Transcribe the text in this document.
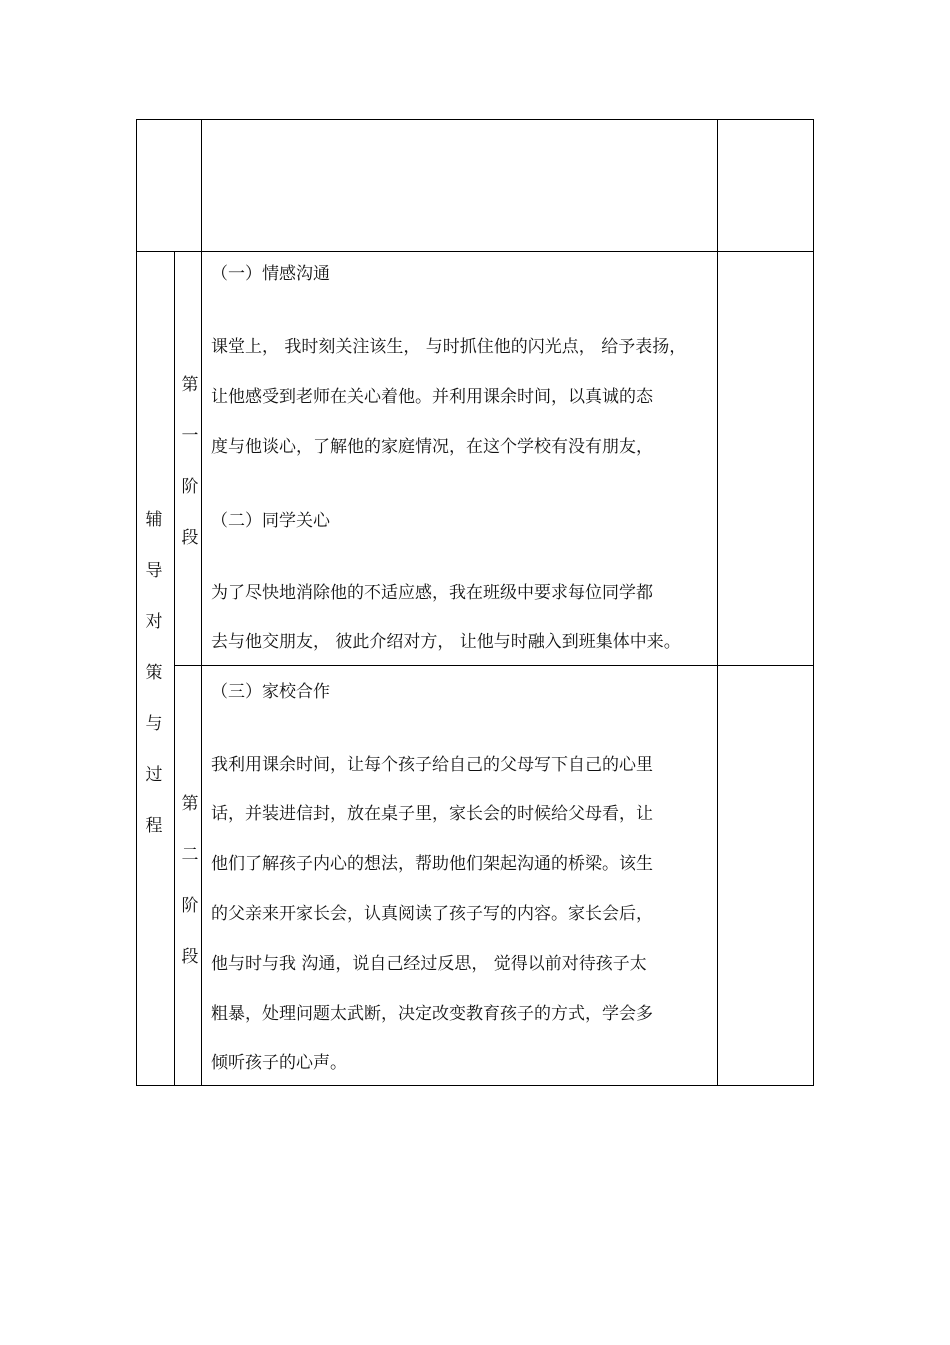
辅
导
对
策
与
过
程
第
一
阶
段
（一）情感沟通
课堂上， 我时刻关注该生， 与时抓住他的闪光点， 给予表扬，
让他感受到老师在关心着他。并利用课余时间，以真诚的态
度与他谈心，了解他的家庭情况，在这个学校有没有朋友，
（二）同学关心
为了尽快地消除他的不适应感，我在班级中要求每位同学都
去与他交朋友， 彼此介绍对方， 让他与时融入到班集体中来。
第
二
阶
段
（三）家校合作
我利用课余时间，让每个孩子给自己的父母写下自己的心里
话，并装进信封，放在桌子里，家长会的时候给父母看，让
他们了解孩子内心的想法，帮助他们架起沟通的桥梁。该生
的父亲来开家长会，认真阅读了孩子写的内容。家长会后，
他与时与我 沟通，说自己经过反思， 觉得以前对待孩子太
粗暴，处理问题太武断，决定改变教育孩子的方式，学会多
倾听孩子的心声。
